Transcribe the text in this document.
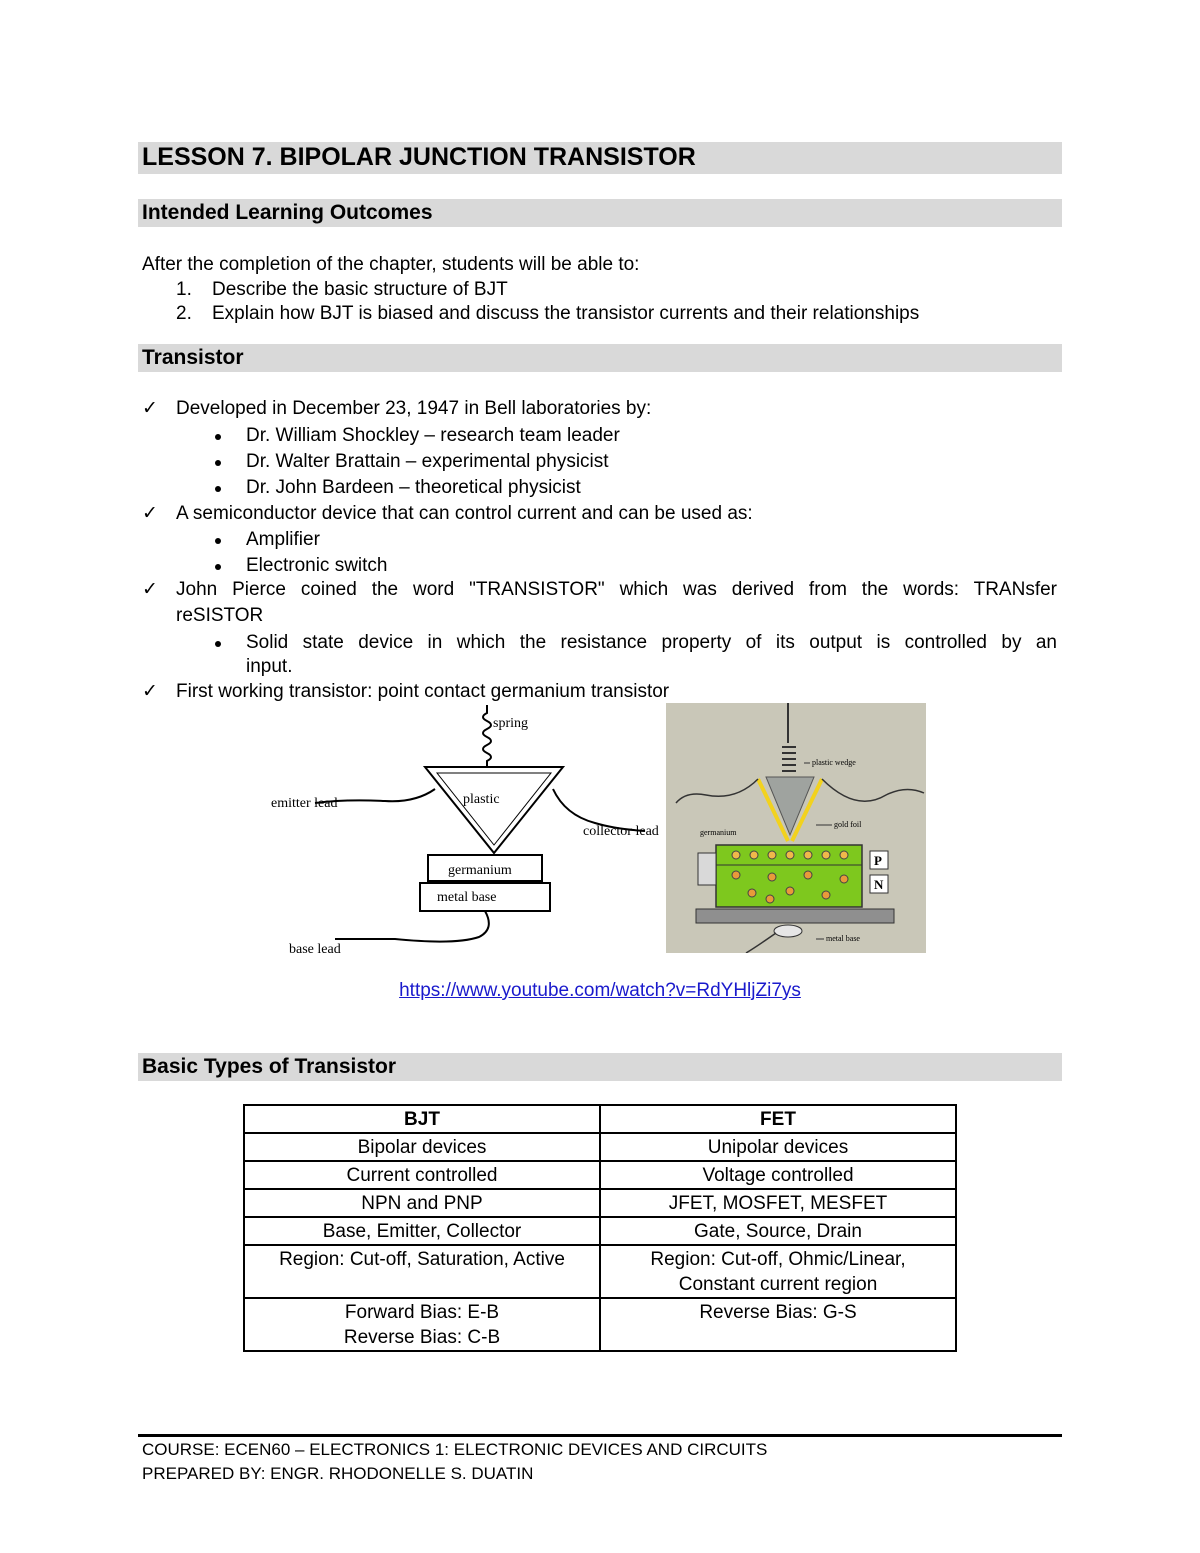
LESSON 7. BIPOLAR JUNCTION TRANSISTOR
Intended Learning Outcomes
After the completion of the chapter, students will be able to:
1. Describe the basic structure of BJT
2. Explain how BJT is biased and discuss the transistor currents and their relationships
Transistor
✓ Developed in December 23, 1947 in Bell laboratories by:
Dr. William Shockley – research team leader
Dr. Walter Brattain – experimental physicist
Dr. John Bardeen – theoretical physicist
✓ A semiconductor device that can control current and can be used as:
Amplifier
Electronic switch
✓ John Pierce coined the word "TRANSISTOR" which was derived from the words: TRANsfer
reSISTOR
Solid state device in which the resistance property of its output is controlled by an
input.
✓ First working transistor: point contact germanium transistor
spring
plastic
emitter lead
collector lead
germanium
metal base
base lead
plastic wedge
gold foil
germanium
P
N
metal base
https://www.youtube.com/watch?v=RdYHljZi7ys
Basic Types of Transistor
BJT	FET

Bipolar devices	Unipolar devices

Current controlled	Voltage controlled

NPN and PNP	JFET, MOSFET, MESFET

Base, Emitter, Collector	Gate, Source, Drain

Region: Cut-off, Saturation, Active	Region: Cut-off, Ohmic/Linear,
Constant current region

Forward Bias: E-B
Reverse Bias: C-B	Reverse Bias: G-S
COURSE: ECEN60 – ELECTRONICS 1: ELECTRONIC DEVICES AND CIRCUITS
PREPARED BY: ENGR. RHODONELLE S. DUATIN
